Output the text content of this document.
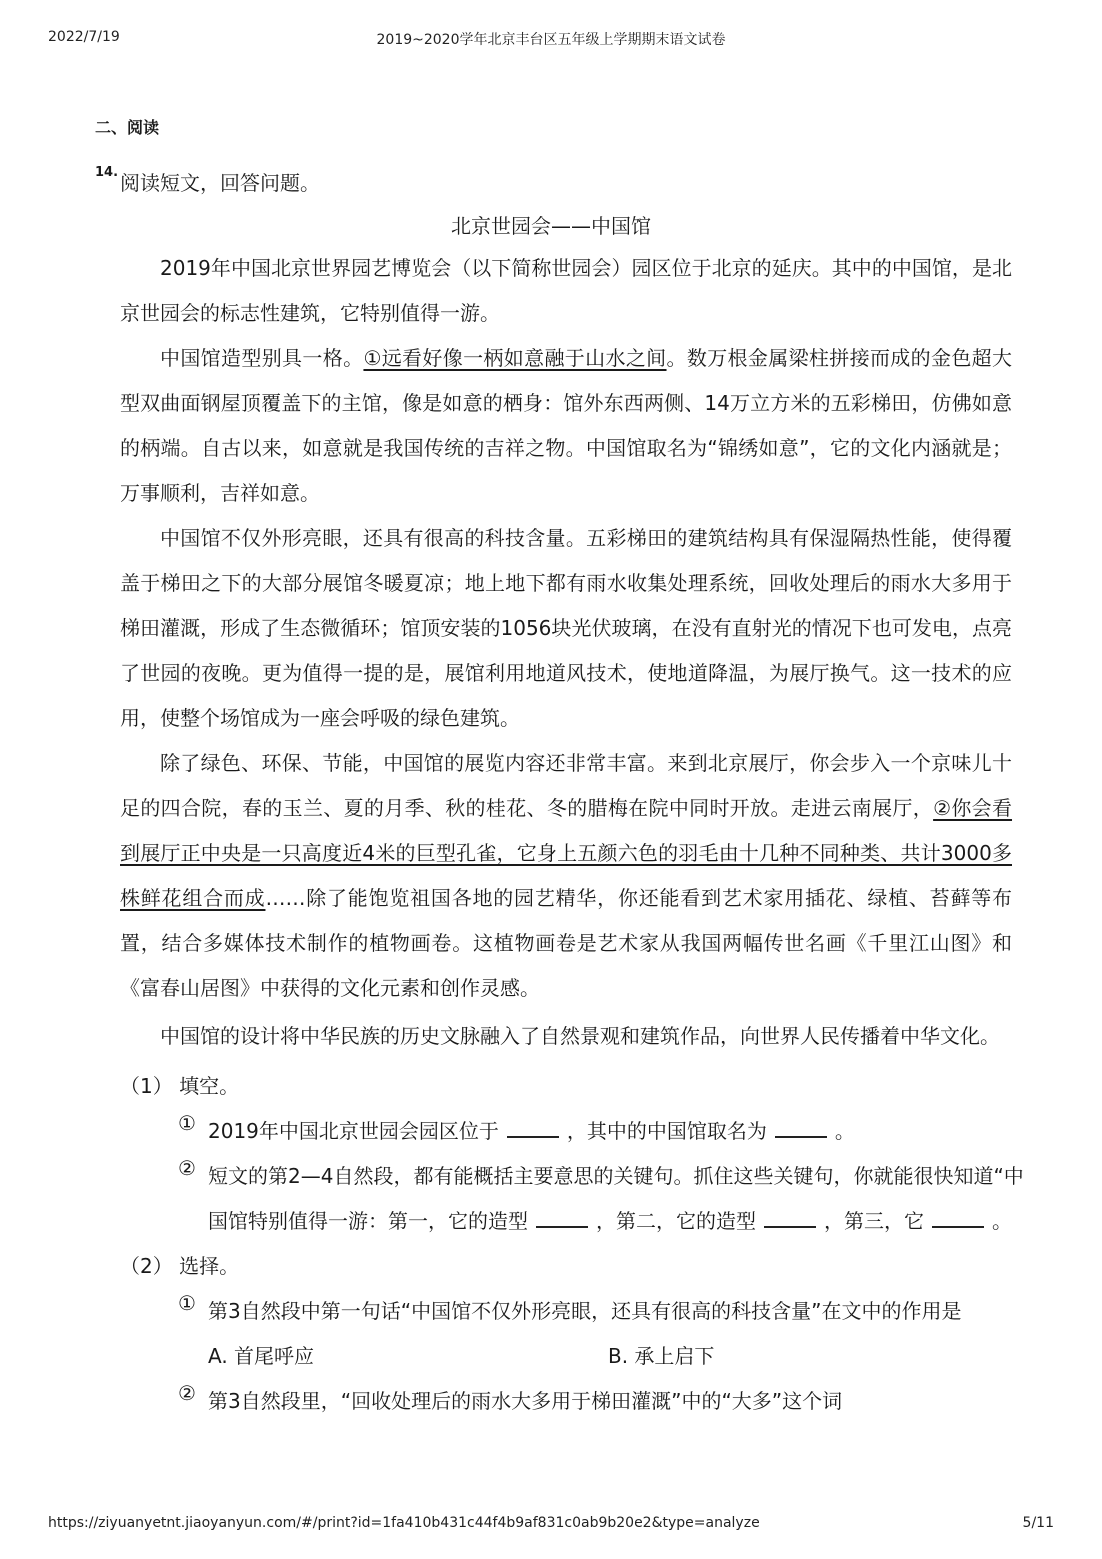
2022/7/19	2019~2020学年北京丰台区五年级上学期期末语文试卷
二、阅读
14. 阅读短文，回答问题。
北京世园会——中国馆

2019年中国北京世界园艺博览会（以下简称世园会）园区位于北京的延庆。其中的中国馆，是北京世园会的标志性建筑，它特别值得一游。

中国馆造型别具一格。①远看好像一柄如意融于山水之间。数万根金属梁柱拼接而成的金色超大型双曲面钢屋顶覆盖下的主馆，像是如意的栖身：馆外东西两侧、14万立方米的五彩梯田，仿佛如意的柄端。自古以来，如意就是我国传统的吉祥之物。中国馆取名为“锦绣如意”，它的文化内涵就是；万事顺利，吉祥如意。

中国馆不仅外形亮眼，还具有很高的科技含量。五彩梯田的建筑结构具有保湿隔热性能，使得覆盖于梯田之下的大部分展馆冬暖夏凉；地上地下都有雨水收集处理系统，回收处理后的雨水大多用于梯田灌溉，形成了生态微循环；馆顶安装的1056块光伏玻璃，在没有直射光的情况下也可发电，点亮了世园的夜晚。更为值得一提的是，展馆利用地道风技术，使地道降温，为展厅换气。这一技术的应用，使整个场馆成为一座会呼吸的绿色建筑。

除了绿色、环保、节能，中国馆的展览内容还非常丰富。来到北京展厅，你会步入一个京味儿十足的四合院，春的玉兰、夏的月季、秋的桂花、冬的腊梅在院中同时开放。走进云南展厅，②你会看到展厅正中央是一只高度近4米的巨型孔雀，它身上五颜六色的羽毛由十几种不同种类、共计3000多株鲜花组合而成……除了能饱览祖国各地的园艺精华，你还能看到艺术家用插花、绿植、苔藓等布置，结合多媒体技术制作的植物画卷。这植物画卷是艺术家从我国两幅传世名画《千里江山图》和《富春山居图》中获得的文化元素和创作灵感。

中国馆的设计将中华民族的历史文脉融入了自然景观和建筑作品，向世界人民传播着中华文化。

（1） 填空。
① 2019年中国北京世园会园区位于	，其中的中国馆取名为	。
② 短文的第2—4自然段，都有能概括主要意思的关键句。抓住这些关键句，你就能很快知道“中
国馆特别值得一游：第一，它的造型	，第二，它的造型	，第三，它	。
（2） 选择。
① 第3自然段中第一句话“中国馆不仅外形亮眼，还具有很高的科技含量”在文中的作用是
A. 首尾呼应	B. 承上启下
② 第3自然段里，“回收处理后的雨水大多用于梯田灌溉”中的“大多”这个词
https://ziyuanyetnt.jiaoyanyun.com/#/print?id=1fa410b431c44f4b9af831c0ab9b20e2&type=analyze	5/11
